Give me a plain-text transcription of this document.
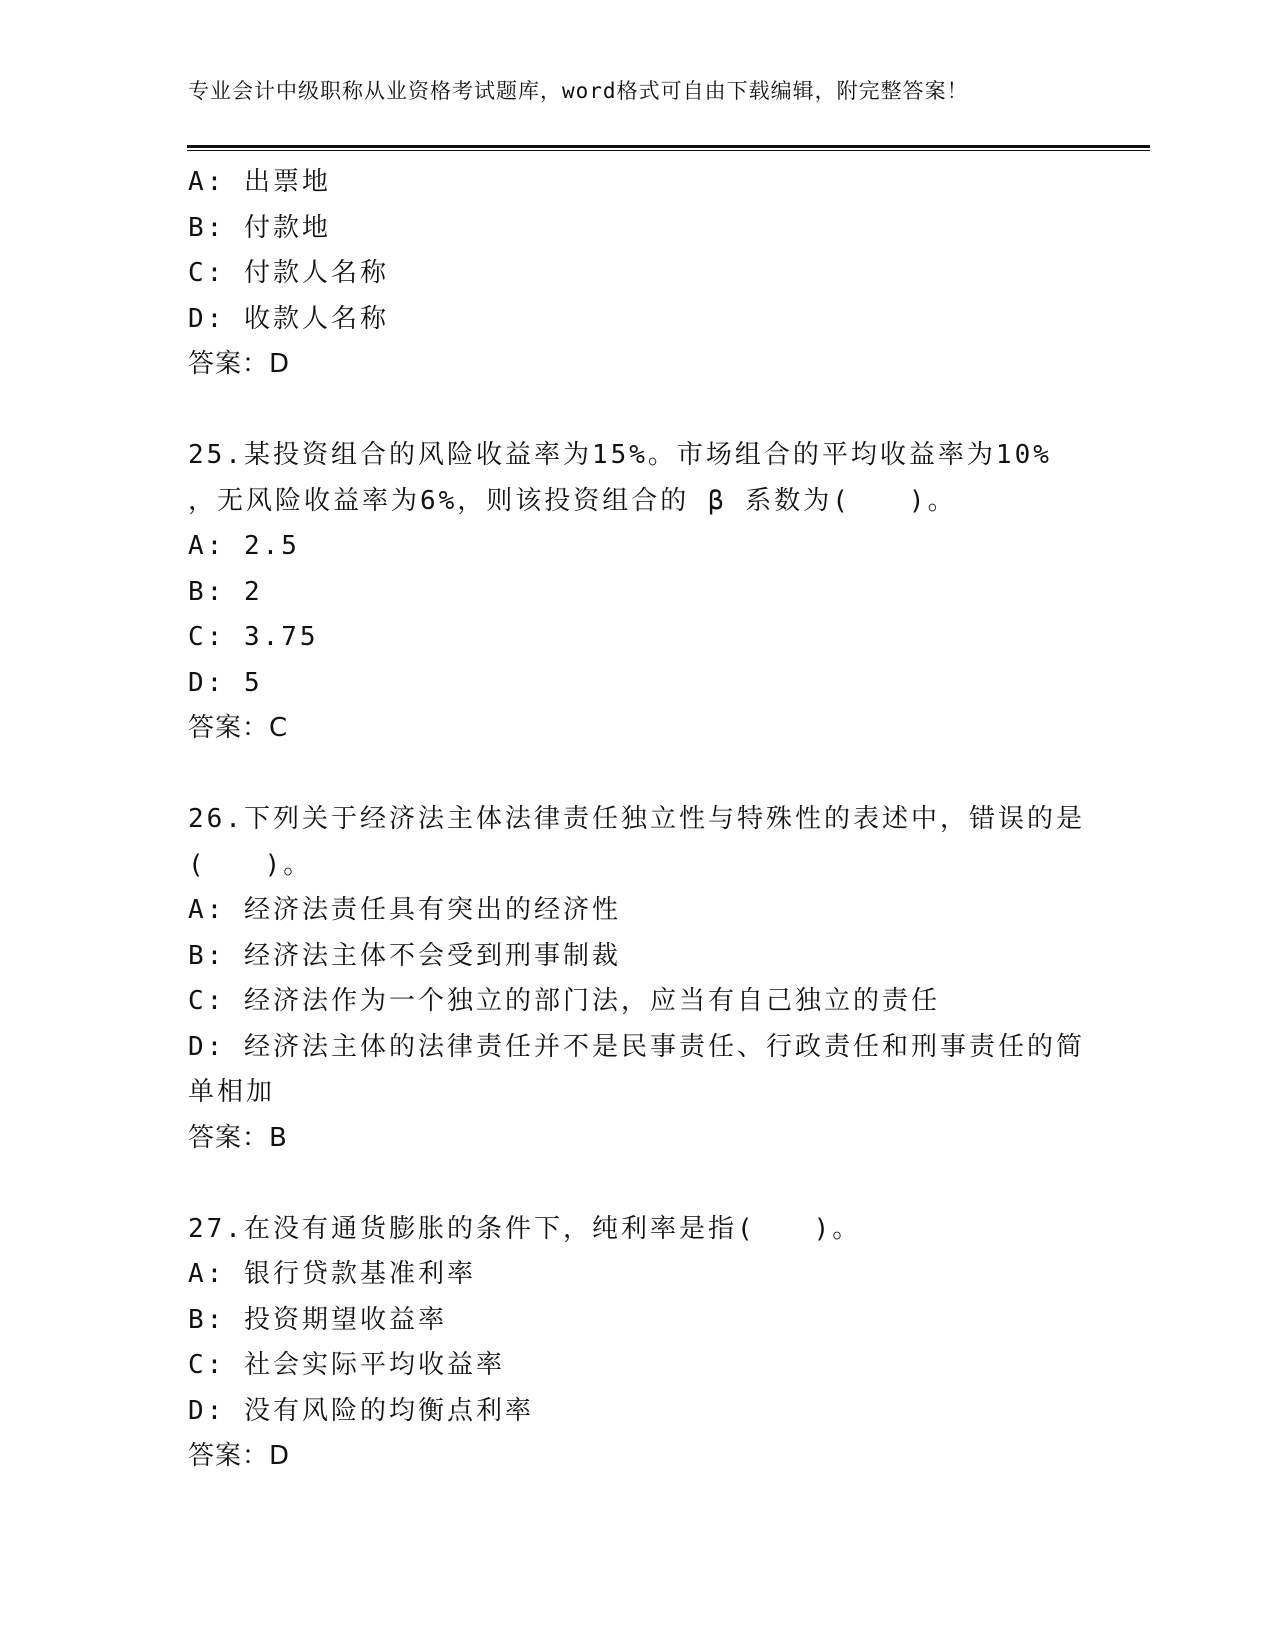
专业会计中级职称从业资格考试题库，word格式可自由下载编辑，附完整答案！
A: 出票地
B: 付款地
C: 付款人名称
D: 收款人名称
答案：D
25.某投资组合的风险收益率为15%。市场组合的平均收益率为10%
，无风险收益率为6%，则该投资组合的 β 系数为(　　)。
A: 2.5
B: 2
C: 3.75
D: 5
答案：C
26.下列关于经济法主体法律责任独立性与特殊性的表述中，错误的是
(　　)。
A: 经济法责任具有突出的经济性
B: 经济法主体不会受到刑事制裁
C: 经济法作为一个独立的部门法，应当有自己独立的责任
D: 经济法主体的法律责任并不是民事责任、行政责任和刑事责任的简
单相加
答案：B
27.在没有通货膨胀的条件下，纯利率是指(　　)。
A: 银行贷款基准利率
B: 投资期望收益率
C: 社会实际平均收益率
D: 没有风险的均衡点利率
答案：D
